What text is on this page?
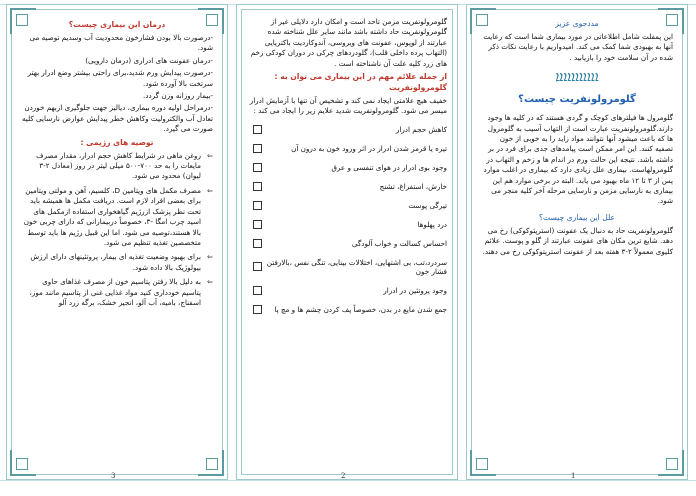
درمان این بیماری چیست؟

-درصورت بالا بودن فشارخون محدودیت آب وسدیم توصیه می شود.

-درمان عفونت های ادراری (درمان دارویی)

-درصورت پیدایش ورم شدید،برای راحتی بیشتر وضع ادرار بهتر سرتخت بالا آورده شود.

-بیمار روزانه وزن گردد.

-درمراحل اولیه دوره بیماری، دیالیز جهت جلوگیری ازبهم خوردن تعادل آب والکترولیت وکاهش خطر پیدایش عوارض نارسایی کلیه صورت می گیرد.

توصیه های رژیمی :
⇐
روغن ماهی در شرایط کاهش حجم ادرار، مقدار مصرف مایعات را به حد ۷۰۰-۵۰۰ میلی لیتر در روز (معادل ۲-۳ لیوان) محدود می شود.
⇐
مصرف مکمل های ویتامین D، کلسیم، آهن و مولتی ویتامین برای بعضی افراد لازم است. دریافت مکمل ها همیشه باید تحت نظر پزشک ازرژیم گیاهخواری استفاده ازمکمل های اسید چرب امگا -۳، خصوصاً دربیمارانی که دارای چربی خون بالا هستند،توصیه می شود. اما این قبیل رژیم ها باید توسط متخصصین تغذیه تنظیم می شود.
⇐
برای بهبود وضعیت تغذیه ای بیمار، پروتئینهای دارای ارزش بیولوژیک بالا داده شود.
⇐
به دلیل بالا رفتن پتاسیم خون از مصرف غذاهای حاوی پتاسیم خودداری کنید مواد غذایی غنی از پتاسیم مانند موز، اسفناج، بامیه، آب آلو، انجیر خشک، برگه زرد آلو
3

گلومرولونفریت مزمن تاحد است و امکان دارد دلایلی غیر از گلومرولونفریت حاد داشته باشد مانند سایر علل شناخته شده عبارتند از لوپوس، عفونت های ویروسی، آندوکاردیت باکتریایی (التهاب پرده داخلی قلب)، گلودردهای چرکی در دوران کودکی زخم های زرد کلیه علت آن ناشناخته است .

از جمله علائم مهم در این بیماری می توان به : گلومرولونفریت

خفیف هیچ علامتی ایجاد نمی کند و تشخیص آن تنها با آزمایش ادرار میسر می شود. گلومرولونفریت شدید علایم زیر را ایجاد می کند :

کاهش حجم ادرار
تیره یا قرمز شدن ادرار در اثر ورود خون به درون آن
وجود بوی ادرار در هوای تنفسی و عرق
خارش، استفراغ، تشنج
تیرگی پوست
درد پهلوها
احساس کسالت و خواب آلودگی
سردرد،تب، بی اشتهایی، اختلالات بینایی، تنگی نفس ،بالارفتن فشار خون
وجود پروتئین در ادرار
جمع شدن مایع در بدن، خصوصاً پف کردن چشم ها و مچ پا
2
مددجوی عزیز

این پمفلت شامل اطلاعاتی در مورد بیماری شما است که رعایت آنها به بهبودی شما کمک می کند. امیدواریم با رعایت نکات ذکر شده در آن سلامت خود را بازیابید .

ܐܐܐܐܐܐܐܐܐܐܐ
گلومرولونفریت چیست؟

گلومرول ها فیلترهای کوچک و گردی هستند که در کلیه ها وجود دارند.گلومرولونفریت عبارت است از التهاب آسیب به گلومرول ها که باعث میشود آنها نتوانند مواد زاید را به خوبی از خون تصفیه کنند. این امر ممکن است پیامدهای جدی برای فرد در بر داشته باشد. نتیجه این حالت ورم در اندام ها و زخم و التهاب در گلومرولهاست. بیماری علل زیادی دارد که بیماری در اغلب موارد پس از ۳ تا ۱۲ ماه بهبود می یابد. البته در برخی موارد هم این بیماری به نارسایی مزمن و نارسایی مرحله آخر کلیه منجر می شود.

علل این بیماری چیست؟

گلومرولونفریت حاد به دنبال یک عفونت (استرپتوکوکی) رخ می دهد. شایع ترین مکان های عفونت عبارتند از گلو و پوست. علائم کلیوی معمولاً ۲-۳ هفته بعد از عفونت استرپتوکوکی رخ می دهند.

1
